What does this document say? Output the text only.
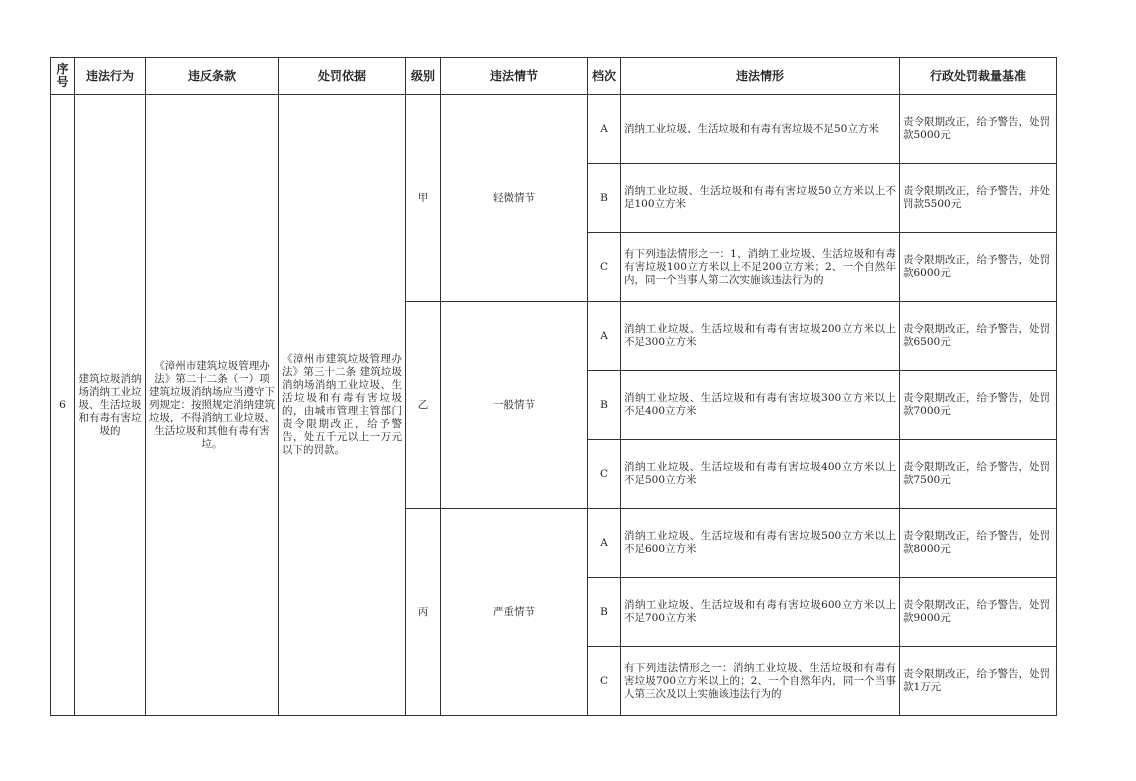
序号	违法行为	违反条款	处罚依据	级别	违法情节	档次	违法情形	行政处罚裁量基准
6	建筑垃圾消纳场消纳工业垃圾、生活垃圾和有毒有害垃圾的	《漳州市建筑垃圾管理办法》第二十二条（一）项 建筑垃圾消纳场应当遵守下列规定：按照规定消纳建筑垃圾，不得消纳工业垃圾、生活垃圾和其他有毒有害垃。	《漳州市建筑垃圾管理办法》第三十二条 建筑垃圾消纳场消纳工业垃圾、生活垃圾和有毒有害垃圾的，由城市管理主管部门责令限期改正，给予警告，处五千元以上一万元以下的罚款。	甲	轻微情节	A	消纳工业垃圾、生活垃圾和有毒有害垃圾不足50立方米	责令限期改正，给予警告，处罚款5000元
						B	消纳工业垃圾、生活垃圾和有毒有害垃圾50立方米以上不足100立方米	责令限期改正，给予警告，并处罚款5500元
						C	有下列违法情形之一：1、消纳工业垃圾、生活垃圾和有毒有害垃圾100立方米以上不足200立方米；2、一个自然年内，同一个当事人第二次实施该违法行为的	责令限期改正，给予警告，处罚款6000元
				乙	一般情节	A	消纳工业垃圾、生活垃圾和有毒有害垃圾200立方米以上不足300立方米	责令限期改正，给予警告，处罚款6500元
						B	消纳工业垃圾、生活垃圾和有毒有害垃圾300立方米以上不足400立方米	责令限期改正，给予警告，处罚款7000元
						C	消纳工业垃圾、生活垃圾和有毒有害垃圾400立方米以上不足500立方米	责令限期改正，给予警告，处罚款7500元
				丙	严重情节	A	消纳工业垃圾、生活垃圾和有毒有害垃圾500立方米以上不足600立方米	责令限期改正，给予警告，处罚款8000元
						B	消纳工业垃圾、生活垃圾和有毒有害垃圾600立方米以上不足700立方米	责令限期改正，给予警告，处罚款9000元
						C	有下列违法情形之一：消纳工业垃圾、生活垃圾和有毒有害垃圾700立方米以上的；2、一个自然年内，同一个当事人第三次及以上实施该违法行为的	责令限期改正，给予警告，处罚款1万元
